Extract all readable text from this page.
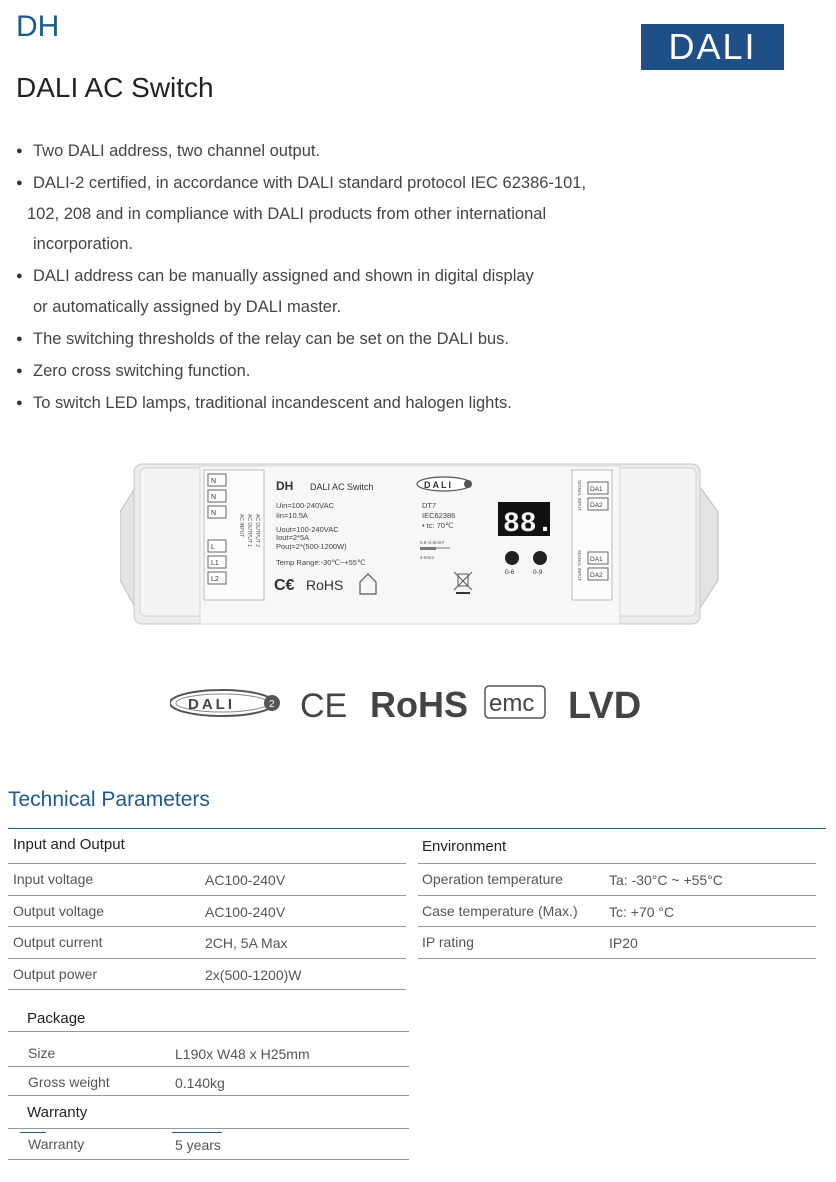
DH	DALI
DALI AC Switch
● Two DALI address, two channel output.
● DALI-2 certified, in accordance with DALI standard protocol IEC 62386-101,
102, 208 and in compliance with DALI products from other international
incorporation.
● DALI address can be manually assigned and shown in digital display
or automatically assigned by DALI master.
● The switching thresholds of the relay can be set on the DALI bus.
● Zero cross switching function.
● To switch LED lamps, traditional incandescent and halogen lights.
N
N
N
L
L1
L2
AC OUTPUT 2
AC OUTPUT 1
AC INPUT
DH DALI AC Switch
Uin=100-240VAC
Iin=10.5A
Uout=100-240VAC
Iout=2*5A
Pout=2*(500-1200W)
Temp Range:-30℃~+55℃
C€ RoHS
DALI
DT7
IEC62386
• tc: 70℃
0.5~2.0mm²
4-5mm
88.
0-6	0-9
SIGNAL INPUT
SIGNAL INPUT
DA1
DA2
DA1
DA2
DALI	2 CE RoHS emc LVD
Technical Parameters
Input and Output
Input voltage	AC100-240V
Output voltage	AC100-240V
Output current	2CH, 5A Max
Output power	2x(500-1200)W
Environment
Operation temperature	Ta: -30°C ~ +55°C
Case temperature (Max.) Tc: +70 °C
IP rating	IP20
Package
Size	L190x W48 x H25mm
Gross weight	0.140kg
Warranty
Warranty	5 years
